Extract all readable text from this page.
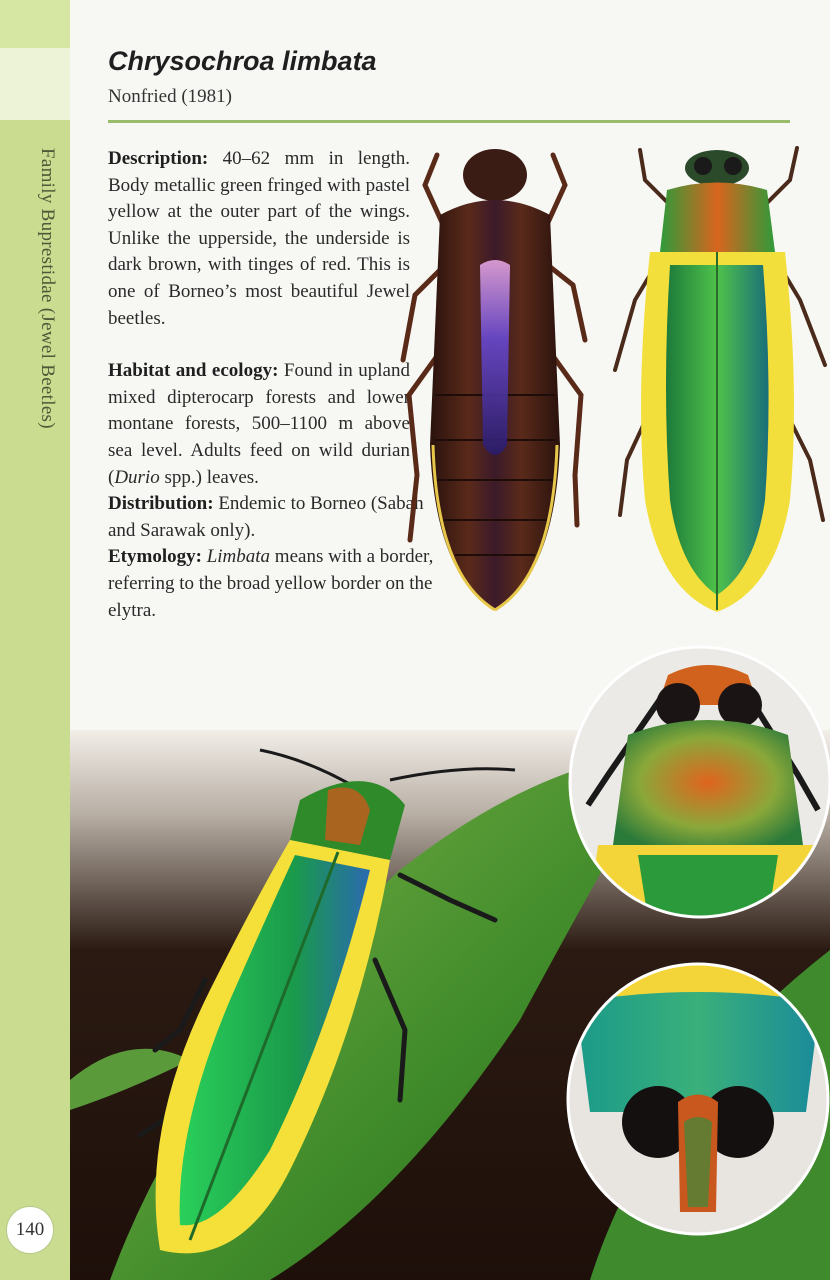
Family Buprestidae (Jewel Beetles)
140
Chrysochroa limbata
Nonfried (1981)

Description: 40–62 mm in length. Body metallic green fringed with pastel yellow at the outer part of the wings. Unlike the upperside, the underside is dark brown, with tinges of red. This is one of Borneo’s most beautiful Jewel beetles.

Habitat and ecology: Found in upland mixed dipterocarp forests and lower montane forests, 500–1100 m above sea level. Adults feed on wild durian (Durio spp.) leaves.

Distribution: Endemic to Borneo (Sabah and Sarawak only).

Etymology: Limbata means with a border, referring to the broad yellow border on the elytra.
